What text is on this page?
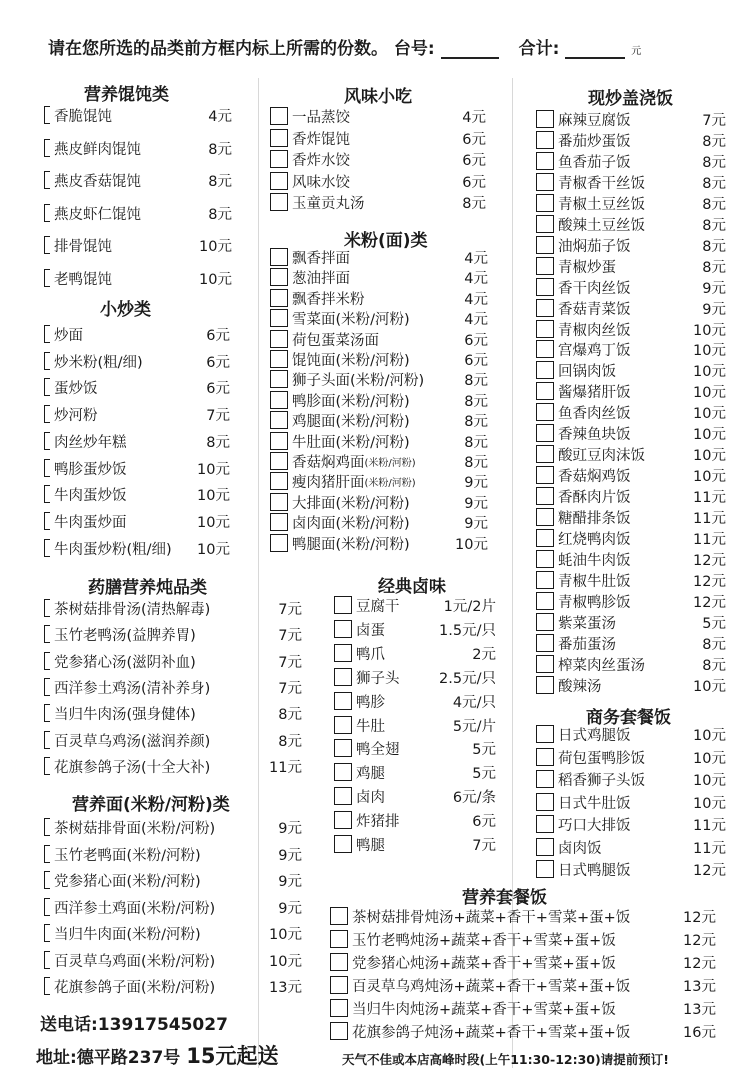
请在您所选的品类前方框内标上所需的份数。 台号:	合计:	元
营养馄饨类
香脆馄饨	4元
燕皮鲜肉馄饨	8元
燕皮香菇馄饨	8元
燕皮虾仁馄饨	8元
排骨馄饨	10元
老鸭馄饨	10元
小炒类
炒面	6元
炒米粉(粗/细)	6元
蛋炒饭	6元
炒河粉	7元
肉丝炒年糕	8元
鸭胗蛋炒饭	10元
牛肉蛋炒饭	10元
牛肉蛋炒面	10元
牛肉蛋炒粉(粗/细) 10元
药膳营养炖品类
茶树菇排骨汤(清热解毒)	7元
玉竹老鸭汤(益脾养胃)	7元
党参猪心汤(滋阴补血)	7元
西洋参土鸡汤(清补养身)	7元
当归牛肉汤(强身健体)	8元
百灵草乌鸡汤(滋润养颜)	8元
花旗参鸽子汤(十全大补)	11元
营养面(米粉/河粉)类
茶树菇排骨面(米粉/河粉)	9元
玉竹老鸭面(米粉/河粉)	9元
党参猪心面(米粉/河粉)	9元
西洋参土鸡面(米粉/河粉)	9元
当归牛肉面(米粉/河粉)	10元
百灵草乌鸡面(米粉/河粉)	10元
花旗参鸽子面(米粉/河粉)	13元
风味小吃
一品蒸饺	4元
香炸馄饨	6元
香炸水饺	6元
风味水饺	6元
玉童贡丸汤	8元
米粉(面)类
飘香拌面	4元
葱油拌面	4元
飘香拌米粉	4元
雪菜面(米粉/河粉)	4元
荷包蛋菜汤面	6元
馄饨面(米粉/河粉)	6元
狮子头面(米粉/河粉)	8元
鸭胗面(米粉/河粉)	8元
鸡腿面(米粉/河粉)	8元
牛肚面(米粉/河粉)	8元
香菇焖鸡面 (米粉/河粉)	8元
瘦肉猪肝面 (米粉/河粉)	9元
大排面(米粉/河粉)	9元
卤肉面(米粉/河粉)	9元
鸭腿面(米粉/河粉)	10元
经典卤味
豆腐干	1元/2片
卤蛋	1.5元/只
鸭爪	2元
狮子头	2.5元/只
鸭胗	4元/只
牛肚	5元/片
鸭全翅	5元
鸡腿	5元
卤肉	6元/条
炸猪排	6元
鸭腿	7元
现炒盖浇饭
麻辣豆腐饭	7元
番茄炒蛋饭	8元
鱼香茄子饭	8元
青椒香干丝饭	8元
青椒土豆丝饭	8元
酸辣土豆丝饭	8元
油焖茄子饭	8元
青椒炒蛋	8元
香干肉丝饭	9元
香菇青菜饭	9元
青椒肉丝饭	10元
宫爆鸡丁饭	10元
回锅肉饭	10元
酱爆猪肝饭	10元
鱼香肉丝饭	10元
香辣鱼块饭	10元
酸豇豆肉沫饭	10元
香菇焖鸡饭	10元
香酥肉片饭	11元
糖醋排条饭	11元
红烧鸭肉饭	11元
蚝油牛肉饭	12元
青椒牛肚饭	12元
青椒鸭胗饭	12元
紫菜蛋汤	5元
番茄蛋汤	8元
榨菜肉丝蛋汤	8元
酸辣汤	10元
商务套餐饭
日式鸡腿饭	10元
荷包蛋鸭胗饭	10元
稻香狮子头饭	10元
日式牛肚饭	10元
巧口大排饭	11元
卤肉饭	11元
日式鸭腿饭	12元
营养套餐饭
茶树菇排骨炖汤+蔬菜+香干+雪菜+蛋+饭	12元
玉竹老鸭炖汤+蔬菜+香干+雪菜+蛋+饭	12元
党参猪心炖汤+蔬菜+香干+雪菜+蛋+饭	12元
百灵草乌鸡炖汤+蔬菜+香干+雪菜+蛋+饭	13元
当归牛肉炖汤+蔬菜+香干+雪菜+蛋+饭	13元
花旗参鸽子炖汤+蔬菜+香干+雪菜+蛋+饭	16元
送电话:13917545027
地址:德平路237号 15元起送	天气不佳或本店高峰时段(上午11:30-12:30)请提前预订!
